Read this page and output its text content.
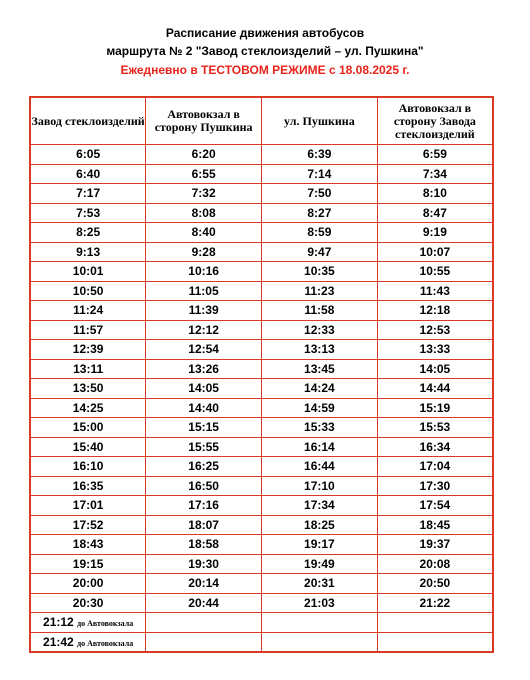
Расписание движения автобусов
маршрута № 2 "Завод стеклоизделий – ул. Пушкина"
Ежедневно в ТЕСТОВОМ РЕЖИМЕ с 18.08.2025 г.
Завод стеклоизделий	Автовокзал в сторону Пушкина	ул. Пушкина	Автовокзал в сторону Завода стеклоизделий
6:05	6:20	6:39	6:59
6:40	6:55	7:14	7:34
7:17	7:32	7:50	8:10
7:53	8:08	8:27	8:47
8:25	8:40	8:59	9:19
9:13	9:28	9:47	10:07
10:01	10:16	10:35	10:55
10:50	11:05	11:23	11:43
11:24	11:39	11:58	12:18
11:57	12:12	12:33	12:53
12:39	12:54	13:13	13:33
13:11	13:26	13:45	14:05
13:50	14:05	14:24	14:44
14:25	14:40	14:59	15:19
15:00	15:15	15:33	15:53
15:40	15:55	16:14	16:34
16:10	16:25	16:44	17:04
16:35	16:50	17:10	17:30
17:01	17:16	17:34	17:54
17:52	18:07	18:25	18:45
18:43	18:58	19:17	19:37
19:15	19:30	19:49	20:08
20:00	20:14	20:31	20:50
20:30	20:44	21:03	21:22
21:12 до Автовокзала			
21:42 до Автовокзала			
